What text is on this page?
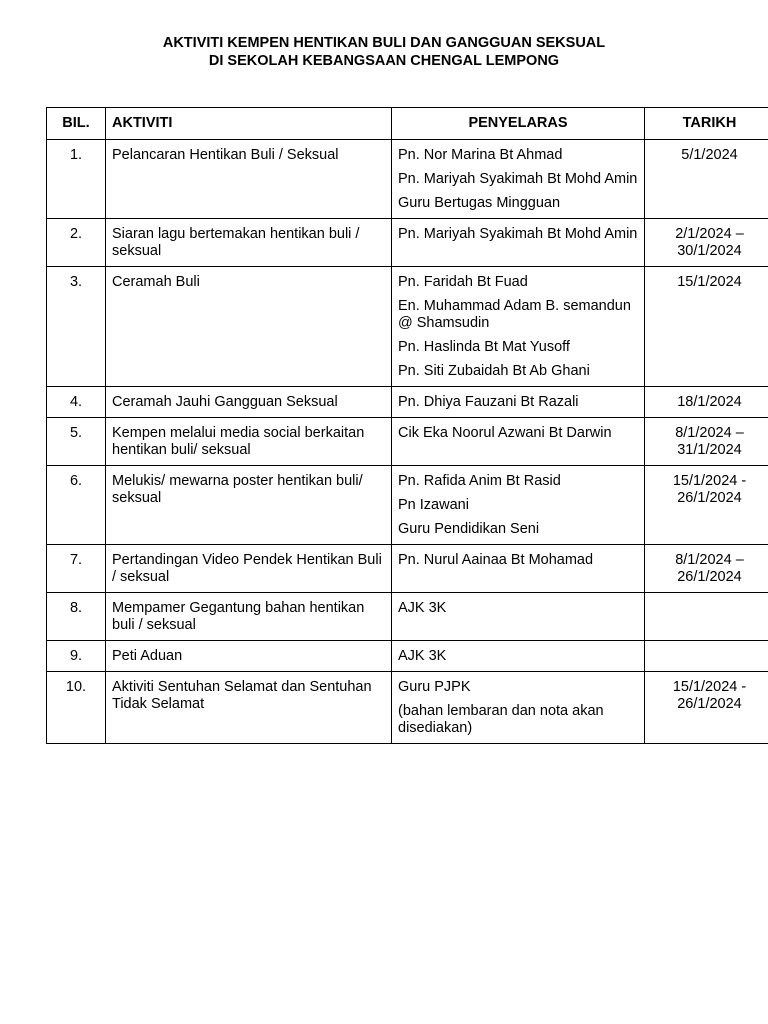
AKTIVITI KEMPEN HENTIKAN BULI DAN GANGGUAN SEKSUAL
DI SEKOLAH KEBANGSAAN CHENGAL LEMPONG
BIL.	AKTIVITI	PENYELARAS	TARIKH
1.	Pelancaran Hentikan Buli / Seksual	Pn. Nor Marina Bt Ahmad
Pn. Mariyah Syakimah Bt Mohd Amin
Guru Bertugas Mingguan	5/1/2024
2.	Siaran lagu bertemakan hentikan buli / seksual	Pn. Mariyah Syakimah Bt Mohd Amin	2/1/2024 – 30/1/2024
3.	Ceramah Buli	Pn. Faridah Bt Fuad
En. Muhammad Adam B. semandun @ Shamsudin
Pn. Haslinda Bt Mat Yusoff
Pn. Siti Zubaidah Bt Ab Ghani	15/1/2024
4.	Ceramah Jauhi Gangguan Seksual	Pn. Dhiya Fauzani Bt Razali	18/1/2024
5.	Kempen melalui media social berkaitan hentikan buli/ seksual	Cik Eka Noorul Azwani Bt Darwin	8/1/2024 – 31/1/2024
6.	Melukis/ mewarna poster hentikan buli/ seksual	Pn. Rafida Anim Bt Rasid
Pn Izawani
Guru Pendidikan Seni	15/1/2024 - 26/1/2024
7.	Pertandingan Video Pendek Hentikan Buli / seksual	Pn. Nurul Aainaa Bt Mohamad	8/1/2024 – 26/1/2024
8.	Mempamer Gegantung bahan hentikan buli / seksual	AJK 3K	

9.	Peti Aduan	AJK 3K	

10.	Aktiviti Sentuhan Selamat dan Sentuhan Tidak Selamat	Guru PJPK
(bahan lembaran dan nota akan disediakan)	15/1/2024 - 26/1/2024
